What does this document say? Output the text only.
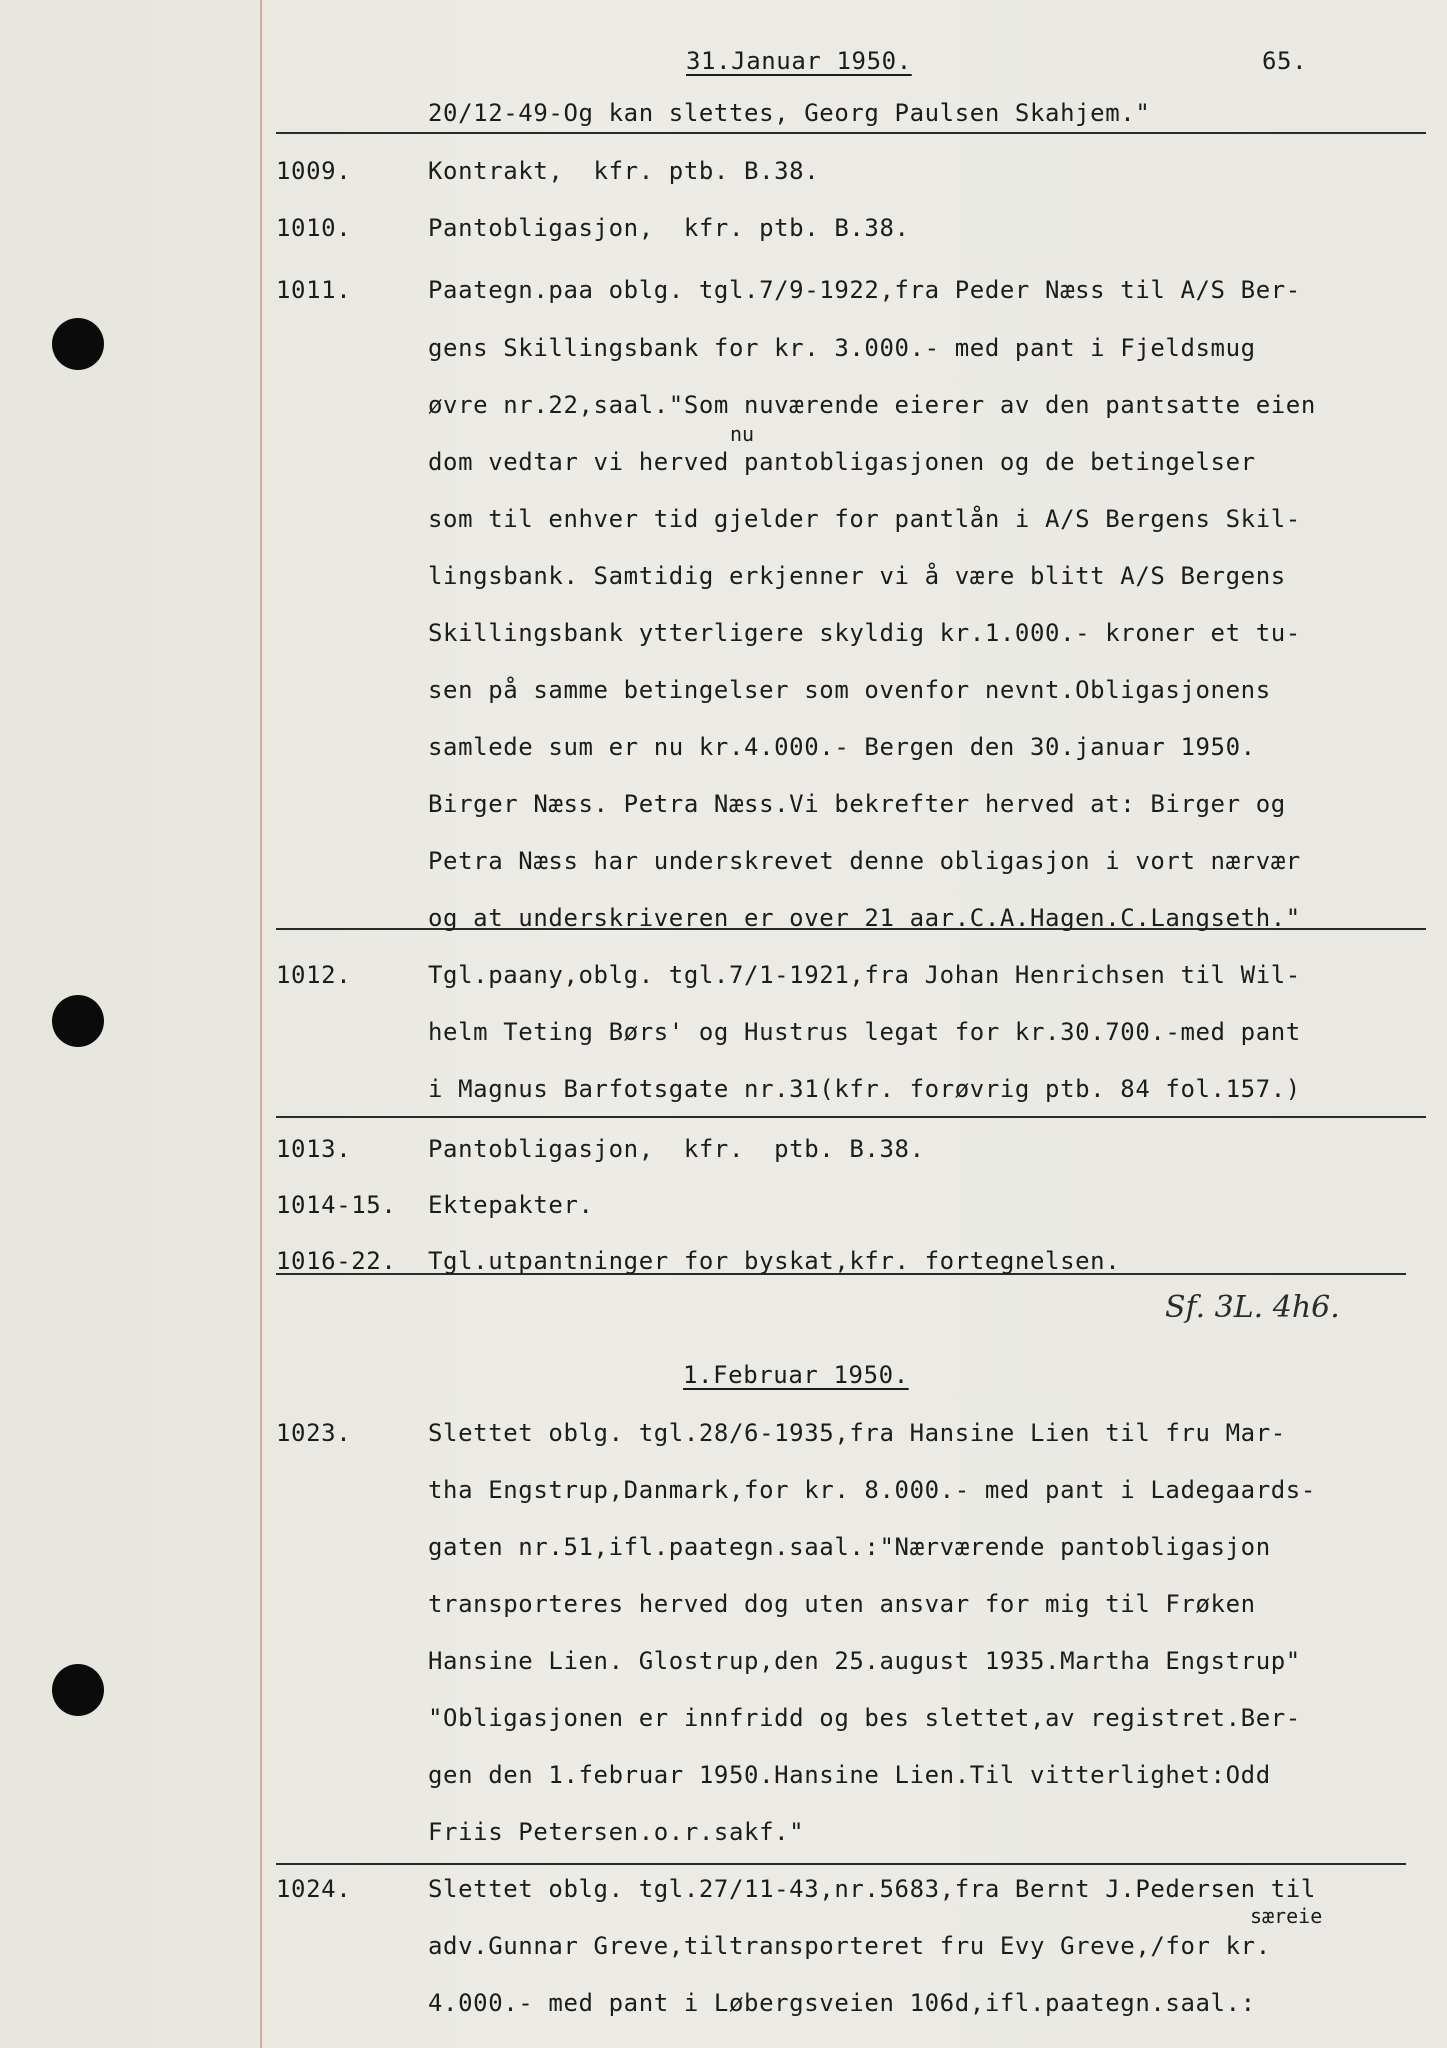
31.Januar 1950.	65.
20/12-49-Og kan slettes, Georg Paulsen Skahjem."
1009.	Kontrakt,  kfr. ptb. B.38.
1010.	Pantobligasjon,  kfr. ptb. B.38.
1011.	Paategn.paa oblg. tgl.7/9-1922,fra Peder Næss til A/S Ber-
gens Skillingsbank for kr. 3.000.- med pant i Fjeldsmug
øvre nr.22,saal."Som nuværende eierer av den pantsatte eien
nu
dom vedtar vi herved pantobligasjonen og de betingelser
som til enhver tid gjelder for pantlån i A/S Bergens Skil-
lingsbank. Samtidig erkjenner vi å være blitt A/S Bergens
Skillingsbank ytterligere skyldig kr.1.000.- kroner et tu-
sen på samme betingelser som ovenfor nevnt.Obligasjonens
samlede sum er nu kr.4.000.- Bergen den 30.januar 1950.
Birger Næss. Petra Næss.Vi bekrefter herved at: Birger og
Petra Næss har underskrevet denne obligasjon i vort nærvær
og at underskriveren er over 21 aar.C.A.Hagen.C.Langseth."
1012.	Tgl.paany,oblg. tgl.7/1-1921,fra Johan Henrichsen til Wil-
helm Teting Børs' og Hustrus legat for kr.30.700.-med pant
i Magnus Barfotsgate nr.31(kfr. forøvrig ptb. 84 fol.157.)
1013.	Pantobligasjon,  kfr.  ptb. B.38.
1014-15. Ektepakter.
1016-22. Tgl.utpantninger for byskat,kfr. fortegnelsen.
Sf. 3L. 4h6.
1.Februar 1950.
1023.	Slettet oblg. tgl.28/6-1935,fra Hansine Lien til fru Mar-
tha Engstrup,Danmark,for kr. 8.000.- med pant i Ladegaards-
gaten nr.51,ifl.paategn.saal.:"Nærværende pantobligasjon
transporteres herved dog uten ansvar for mig til Frøken
Hansine Lien. Glostrup,den 25.august 1935.Martha Engstrup"
"Obligasjonen er innfridd og bes slettet,av registret.Ber-
gen den 1.februar 1950.Hansine Lien.Til vitterlighet:Odd
Friis Petersen.o.r.sakf."
1024.	Slettet oblg. tgl.27/11-43,nr.5683,fra Bernt J.Pedersen til
særeie
adv.Gunnar Greve,tiltransporteret fru Evy Greve,/for kr.
4.000.- med pant i Løbergsveien 106d,ifl.paategn.saal.:
